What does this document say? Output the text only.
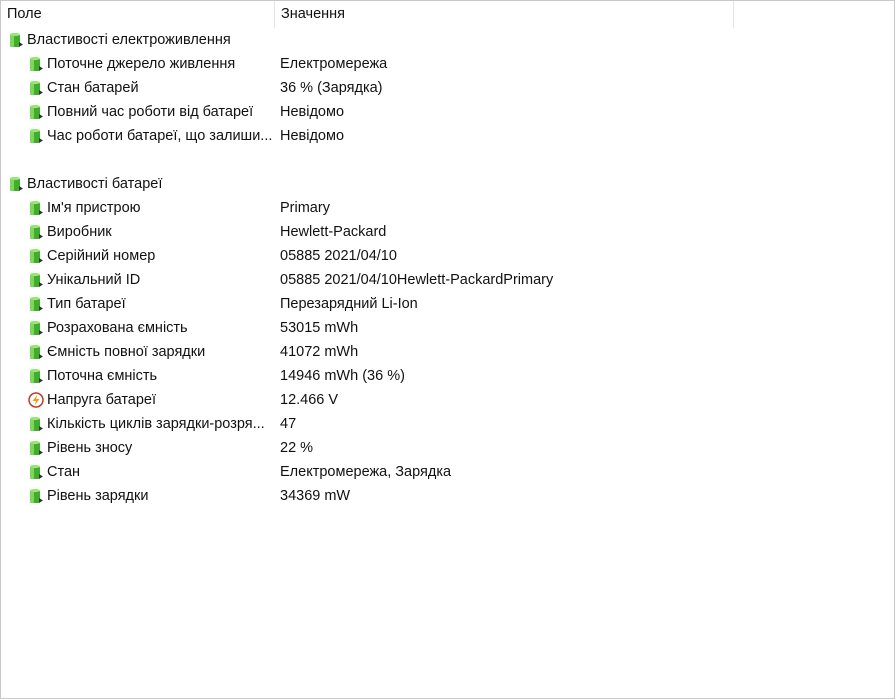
Поле	Значення
Властивості електроживлення
Поточне джерело живлення	Електромережа
Стан батарей	36 % (Зарядка)
Повний час роботи від батареї Невідомо
Час роботи батареї, що залиши... Невідомо
Властивості батареї
Ім'я пристрою	Primary
Виробник	Hewlett-Packard
Серійний номер	05885 2021/04/10
Унікальний ID	05885 2021/04/10Hewlett-PackardPrimary
Тип батареї	Перезарядний Li-Ion
Розрахована ємність	53015 mWh
Ємність повної зарядки	41072 mWh
Поточна ємність	14946 mWh (36 %)
Напруга батареї	12.466 V
Кількість циклів зарядки-розря... 47
Рівень зносу	22 %
Стан	Електромережа, Зарядка
Рівень зарядки	34369 mW
